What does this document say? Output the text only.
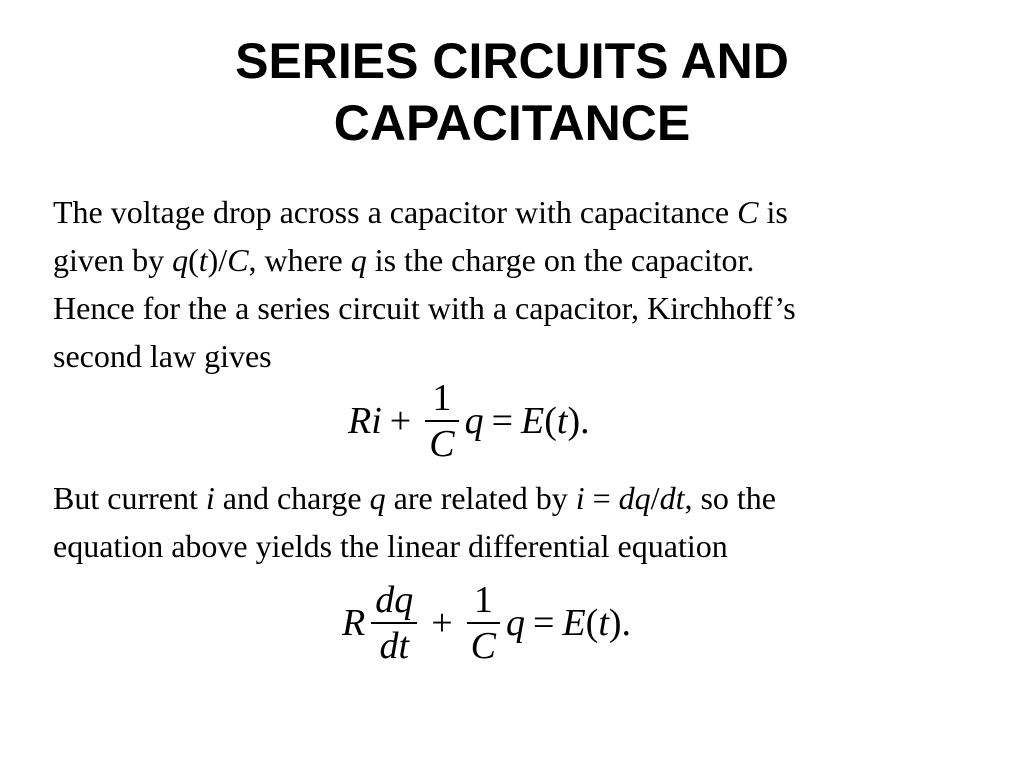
SERIES CIRCUITS AND
CAPACITANCE
The voltage drop across a capacitor with capacitance C is
given by q(t)/C, where q is the charge on the capacitor.
Hence for the a series circuit with a capacitor, Kirchhoff’s
second law gives
$Ri + \frac{1}{C}$ q = E ( t ).
But current i and charge q are related by i = dq/dt, so the
equation above yields the linear differential equation
R $\frac{dq}{dt} + \frac{1}{C}$ q = E ( t ).
